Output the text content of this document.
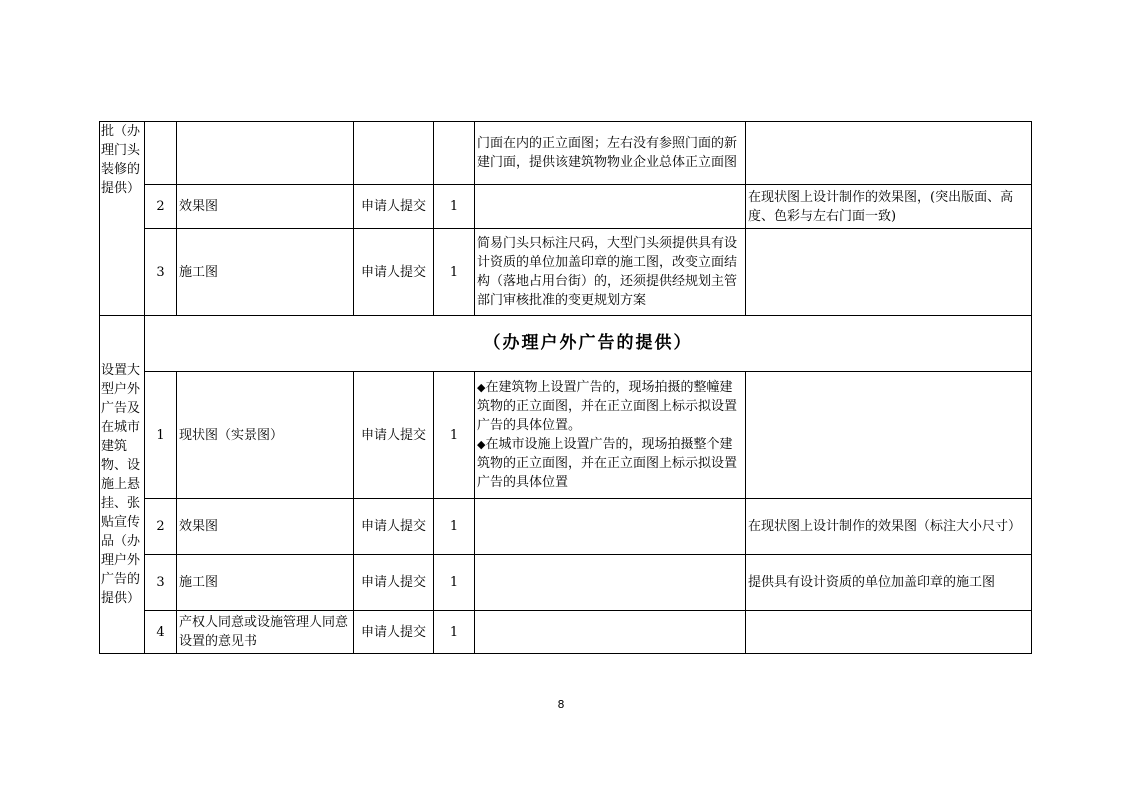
批（办理门头装修的提供）					门面在内的正立面图；左右没有参照门面的新建门面，提供该建筑物物业企业总体正立面图	
	2	效果图	申请人提交	1		在现状图上设计制作的效果图，(突出版面、高度、色彩与左右门面一致)
	3	施工图	申请人提交	1	简易门头只标注尺码，大型门头须提供具有设计资质的单位加盖印章的施工图，改变立面结构（落地占用台街）的，还须提供经规划主管部门审核批准的变更规划方案	
设置大型户外广告及在城市建筑物、设施上悬挂、张贴宣传品（办理户外广告的提供）	（办理户外广告的提供）					
	1	现状图（实景图）	申请人提交	1	◆在建筑物上设置广告的，现场拍摄的整幢建筑物的正立面图，并在正立面图上标示拟设置广告的具体位置。
◆在城市设施上设置广告的，现场拍摄整个建筑物的正立面图，并在正立面图上标示拟设置广告的具体位置	

	2	效果图	申请人提交	1		在现状图上设计制作的效果图（标注大小尺寸）
	3	施工图	申请人提交	1		提供具有设计资质的单位加盖印章的施工图
	4	产权人同意或设施管理人同意设置的意见书	申请人提交	1		
8
